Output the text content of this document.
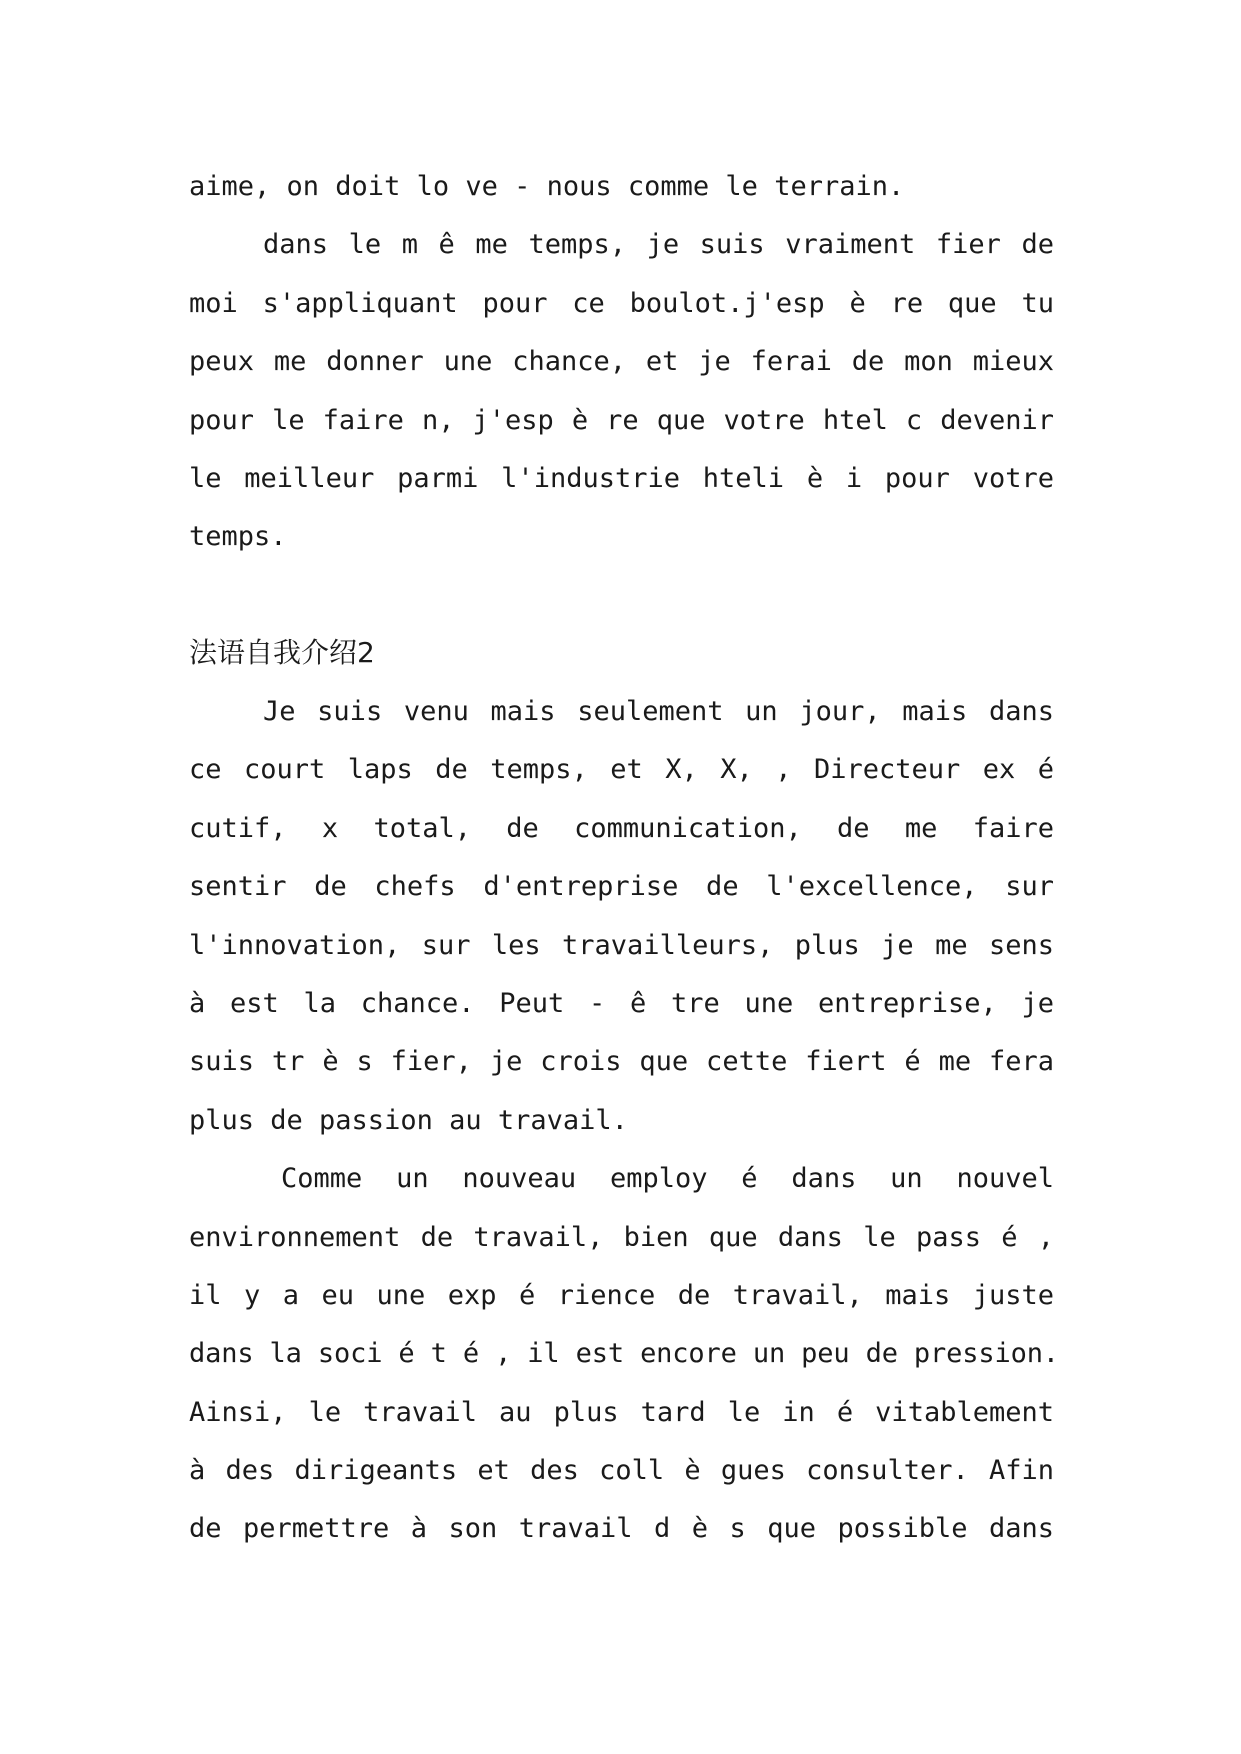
aime, on doit lo ve - nous comme le terrain.
dans le m ê me temps, je suis vraiment fier de
moi s'appliquant pour ce boulot.j'esp è re que tu
peux me donner une chance, et je ferai de mon mieux
pour le faire n, j'esp è re que votre htel c devenir
le meilleur parmi l'industrie hteli è i pour votre
temps.
法语自我介绍2
Je suis venu mais seulement un jour, mais dans
ce court laps de temps, et X, X, , Directeur ex é
cutif, x total, de communication, de me faire
sentir de chefs d'entreprise de l'excellence, sur
l'innovation, sur les travailleurs, plus je me sens
à est la chance. Peut - ê tre une entreprise, je
suis tr è s fier, je crois que cette fiert é me fera
plus de passion au travail.
Comme un nouveau employ é dans un nouvel
environnement de travail, bien que dans le pass é ,
il y a eu une exp é rience de travail, mais juste
dans la soci é t é , il est encore un peu de pression.
Ainsi, le travail au plus tard le in é vitablement
à des dirigeants et des coll è gues consulter. Afin
de permettre à son travail d è s que possible dans
